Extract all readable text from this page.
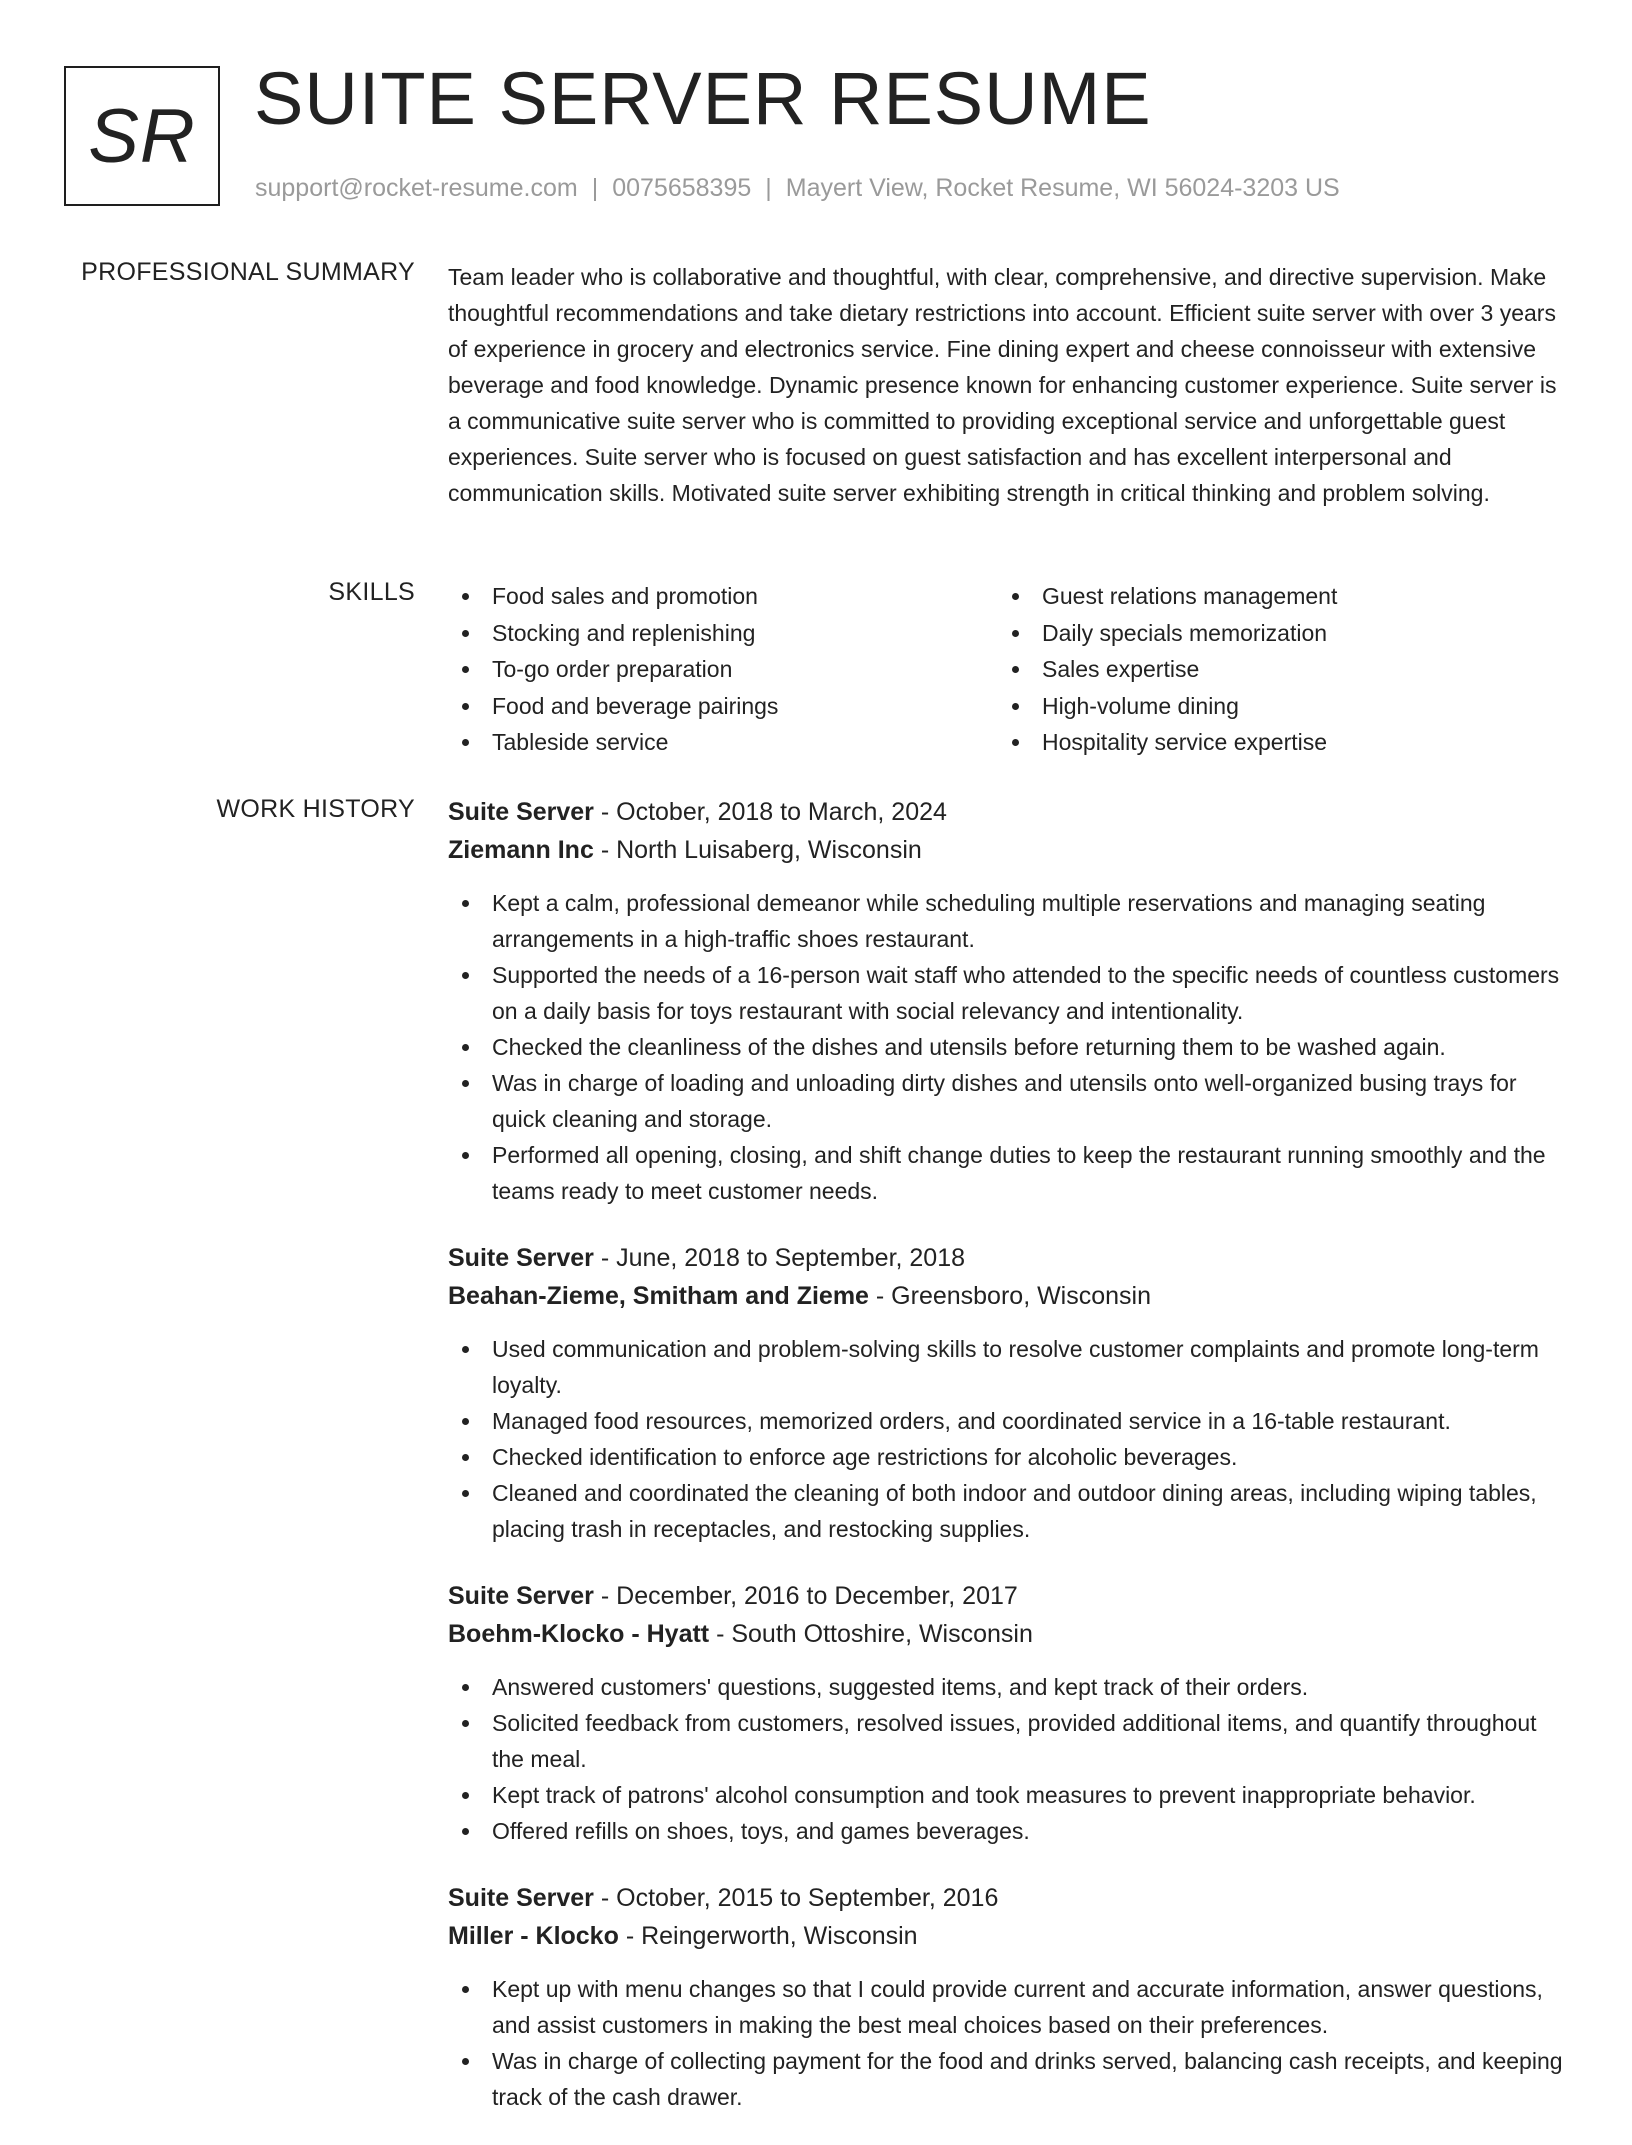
SR SUITE SERVER RESUME
support@rocket-resume.com | 0075658395 | Mayert View, Rocket Resume, WI 56024-3203 US
PROFESSIONAL SUMMARY Team leader who is collaborative and thoughtful, with clear, comprehensive, and directive supervision. Make thoughtful recommendations and take dietary restrictions into account. Efficient suite server with over 3 years of experience in grocery and electronics service. Fine dining expert and cheese connoisseur with extensive beverage and food knowledge. Dynamic presence known for enhancing customer experience. Suite server is a communicative suite server who is committed to providing exceptional service and unforgettable guest experiences. Suite server who is focused on guest satisfaction and has excellent interpersonal and communication skills. Motivated suite server exhibiting strength in critical thinking and problem solving.

SKILLS	Food sales and promotion
Stocking and replenishing
To-go order preparation
Food and beverage pairings
Tableside service
Guest relations management
Daily specials memorization
Sales expertise
High-volume dining
Hospitality service expertise
WORK HISTORY Suite Server - October, 2018 to March, 2024
Ziemann Inc - North Luisaberg, Wisconsin
Kept a calm, professional demeanor while scheduling multiple reservations and managing seating arrangements in a high-traffic shoes restaurant.
Supported the needs of a 16-person wait staff who attended to the specific needs of countless customers on a daily basis for toys restaurant with social relevancy and intentionality.
Checked the cleanliness of the dishes and utensils before returning them to be washed again.
Was in charge of loading and unloading dirty dishes and utensils onto well-organized busing trays for quick cleaning and storage.
Performed all opening, closing, and shift change duties to keep the restaurant running smoothly and the teams ready to meet customer needs.
Suite Server - June, 2018 to September, 2018
Beahan-Zieme, Smitham and Zieme - Greensboro, Wisconsin
Used communication and problem-solving skills to resolve customer complaints and promote long-term loyalty.
Managed food resources, memorized orders, and coordinated service in a 16-table restaurant.
Checked identification to enforce age restrictions for alcoholic beverages.
Cleaned and coordinated the cleaning of both indoor and outdoor dining areas, including wiping tables, placing trash in receptacles, and restocking supplies.
Suite Server - December, 2016 to December, 2017
Boehm-Klocko - Hyatt - South Ottoshire, Wisconsin
Answered customers' questions, suggested items, and kept track of their orders.
Solicited feedback from customers, resolved issues, provided additional items, and quantify throughout the meal.
Kept track of patrons' alcohol consumption and took measures to prevent inappropriate behavior.
Offered refills on shoes, toys, and games beverages.
Suite Server - October, 2015 to September, 2016
Miller - Klocko - Reingerworth, Wisconsin
Kept up with menu changes so that I could provide current and accurate information, answer questions, and assist customers in making the best meal choices based on their preferences.
Was in charge of collecting payment for the food and drinks served, balancing cash receipts, and keeping track of the cash drawer.
